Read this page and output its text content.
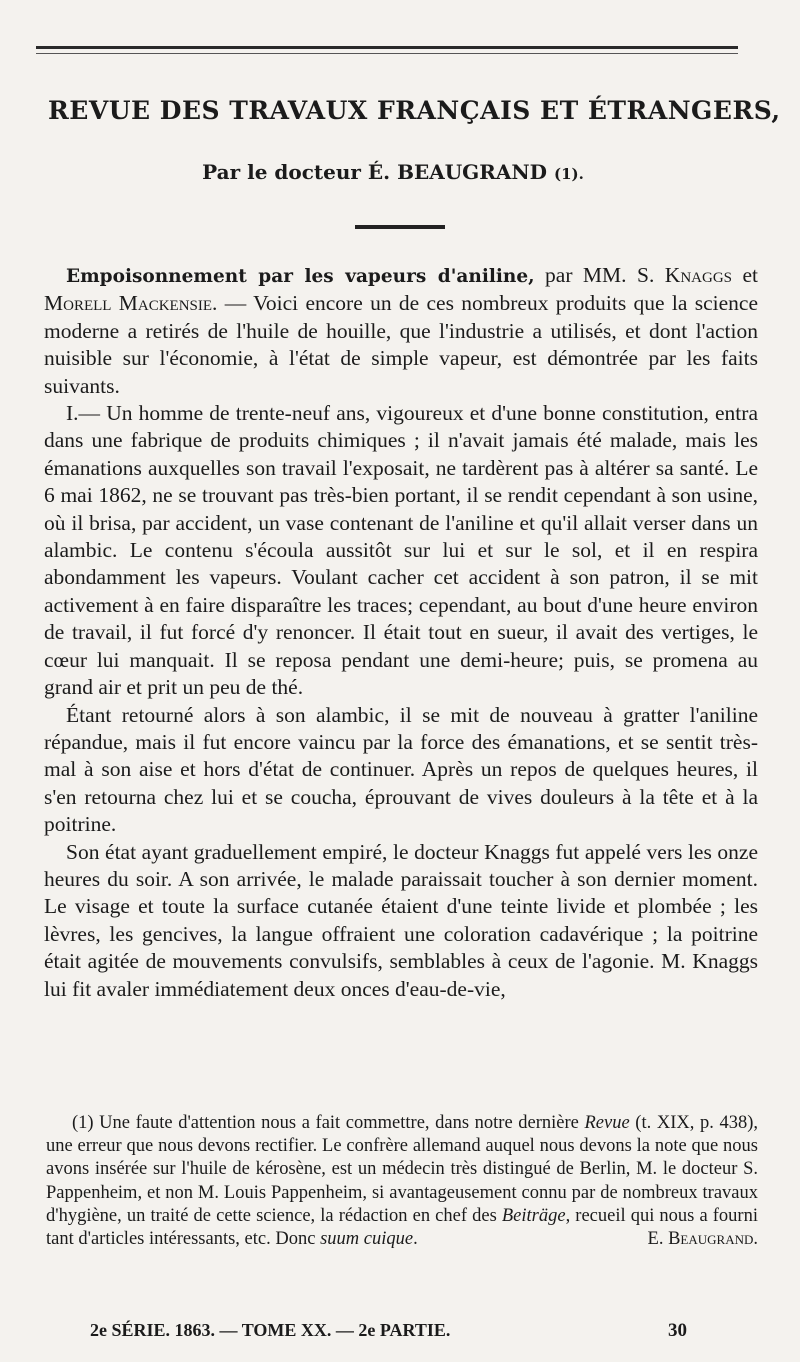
REVUE DES TRAVAUX FRANÇAIS ET ÉTRANGERS,
Par le docteur É. BEAUGRAND (1).

Empoisonnement par les vapeurs d'aniline, par MM. S. Knaggs et Morell Mackensie. — Voici encore un de ces nombreux produits que la science moderne a retirés de l'huile de houille, que l'industrie a utilisés, et dont l'action nuisible sur l'économie, à l'état de simple vapeur, est démontrée par les faits suivants.

I.— Un homme de trente-neuf ans, vigoureux et d'une bonne constitution, entra dans une fabrique de produits chimiques ; il n'avait jamais été malade, mais les émanations auxquelles son travail l'exposait, ne tardèrent pas à altérer sa santé. Le 6 mai 1862, ne se trouvant pas très-bien portant, il se rendit cependant à son usine, où il brisa, par accident, un vase contenant de l'aniline et qu'il allait verser dans un alambic. Le contenu s'écoula aussitôt sur lui et sur le sol, et il en respira abondamment les vapeurs. Voulant cacher cet accident à son patron, il se mit activement à en faire disparaître les traces; cependant, au bout d'une heure environ de travail, il fut forcé d'y renoncer. Il était tout en sueur, il avait des vertiges, le cœur lui manquait. Il se reposa pendant une demi-heure; puis, se promena au grand air et prit un peu de thé.

Étant retourné alors à son alambic, il se mit de nouveau à gratter l'aniline répandue, mais il fut encore vaincu par la force des émanations, et se sentit très-mal à son aise et hors d'état de continuer. Après un repos de quelques heures, il s'en retourna chez lui et se coucha, éprouvant de vives douleurs à la tête et à la poitrine.

Son état ayant graduellement empiré, le docteur Knaggs fut appelé vers les onze heures du soir. A son arrivée, le malade paraissait toucher à son dernier moment. Le visage et toute la surface cutanée étaient d'une teinte livide et plombée ; les lèvres, les gencives, la langue offraient une coloration cadavérique ; la poitrine était agitée de mouvements convulsifs, semblables à ceux de l'agonie. M. Knaggs lui fit avaler immédiatement deux onces d'eau-de-vie,

(1) Une faute d'attention nous a fait commettre, dans notre dernière Revue (t. XIX, p. 438), une erreur que nous devons rectifier. Le confrère allemand auquel nous devons la note que nous avons insérée sur l'huile de kérosène, est un médecin très distingué de Berlin, M. le docteur S. Pappenheim, et non M. Louis Pappenheim, si avantageusement connu par de nombreux travaux d'hygiène, un traité de cette science, la rédaction en chef des Beiträge, recueil qui nous a fourni tant d'articles intéressants, etc. Donc suum cuique.	E. Beaugrand.

2e SÉRIE. 1863. — TOME XX. — 2e PARTIE.	30
